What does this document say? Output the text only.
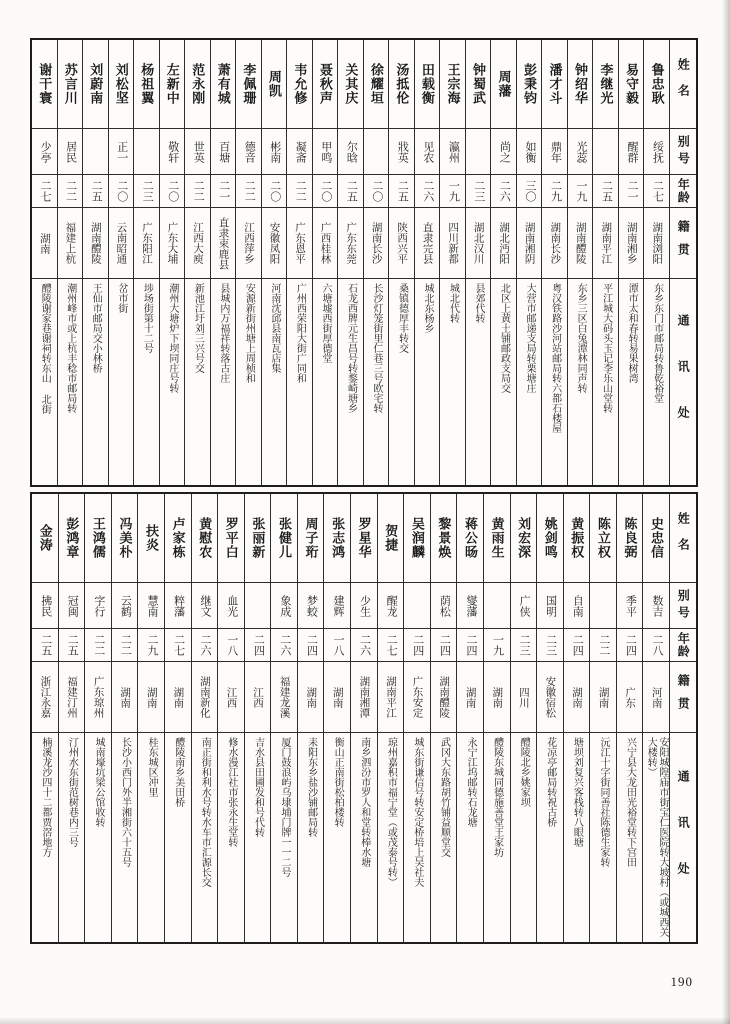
姓名
别号
年龄
籍贯
通讯处
鲁忠耿
绥抚
二七
湖南浏阳
东乡东门市邮局转鲁乾裕堂
易守毅
醒群
二一
湖南湘乡
潭市太和春转易果树湾
李继光
二五
湖南平江
平江城大码头玉记李乐山堂转
钟绍华
光蕊
一九
湖南醴陵
东乡三区白兔潭林同声转
潘才斗
鼎年
二九
湖南长沙
粤汉铁路沙河站邮局转六都石楼屋
彭秉钧
如衡
三〇
湖南湘阴
大营市邮递支局转栗塘庄
周藩
尚之
二六
湖北沔阳
北区上黄土铺邮政支局交
钟蜀武
二三
湖北汉川
县郊代转
王宗海
瀛州
一九
四川新都
城北代转
田载衡
见农
二六
直隶完县
城北东杨乡
汤抵伦
戕英
二五
陕西兴平
桑镇德厚丰转交
徐耀垣
二〇
湖南长沙
长沙灯笼街里仁巷三号欧宅转
关其庆
尔晗
二五
广东东莞
石龙西牌元生昌号转鍪崎塘乡
聂秋声
甲鸣
二〇
广西桂林
六塘墟西街厚德堂
韦允修
凝斋
二二
广东恩平
广州西荣阳大街广同和
周凯
彬南
二〇
安徽凤阳
河南沈邱县南瓦店集
李佩珊
德音
二二
江西萍乡
安源新街州塘上周桢和
萧有城
百塘
二一
直隶束鹿县
县城内万福祥转落古庄
范永刚
世英
二二
江西大庾
新池江圩刘三兴号交
左新中
敬轩
二〇
广东大埔
潮州大塘炉下坝同庄号转
杨祖翼
二三
广东阳江
埗场街第十二号
刘松坚
正一
二〇
云南昭通
岔市街
刘蔚南
二五
湖南醴陵
王仙市邮局交小林桥
苏言川
居民
二二
福建上杭
潮州峰市或上杭丰稔市邮局转
谢干寰
少亭
二七
湖南
醴陵谢家巷谢祠转东山 北街
姓名
别号
年龄
籍贯
通讯处
史忠信
数吉
二八
河南
安阳城隍庙市街宝仁医院转大坡村（或城西关大楼转）
陈良弼
季平
二四
广东
兴宁县大龙田光裕堂转下宫田
陈立权
二二
湖南
沅江十字街同善社陈德生家转
黄振权
自南
二四
湖南
塘坝刘复兴客栈转八眼塘
姚剑鸣
国明
二三
安徽宿松
花凉亭邮局转祝古桥
刘宏深
广侠
二三
四川
醴陵北乡姚家坝
黄雨生
一九
湖南
醴陵东城同德施善堂王家坊
蒋公旸
燮藩
二四
湖南
永宁江坞邮转石龙塘
黎景焕
荫松
二四
湖南醴陵
武冈大东路胡竹铺益顺堂交
吴润麟
二四
广东安定
城东街谦信号转安定桥培上吴社夫
贺捷
醒龙
二七
湖南平江
琼州嘉积市福宁堂（或茂泰号转）
罗星华
少生
二六
湖南湘潭
南乡泗汾市罗人和堂转棒水塘
张志鸿
建辉
一八
湖南
衡山正南街松柏楼转
周子珩
梦蛟
二四
湖南
耒阳东乡盐沙铺邮局转
张健儿
象成
二六
福建龙溪
厦门鼓浪屿乌埭埔门牌一一二号
张丽新
二四
江西
吉水县田圃发和号代转
罗平白
血光
一八
江西
修水漫江社市张永生堂转
黄慰农
继文
二六
湖南新化
南正街和利水号转水车市汇源长交
卢家栋
粹藩
二七
湖南
醴陵南乡美田桥
扶炎
慧南
二九
湖南
桂东城区冲里
冯美朴
云鹤
二二
湖南
长沙小西门外半湘街六十五号
王鸿儒
字行
二二
广东琼州
城南壕坑梁公馆收转
彭鸿章
冠闽
二五
福建汀州
汀州水东街范树巷内三号
金涛
拂民
二五
浙江永嘉
楠溪龙沙四十二都贾滘地方
190
